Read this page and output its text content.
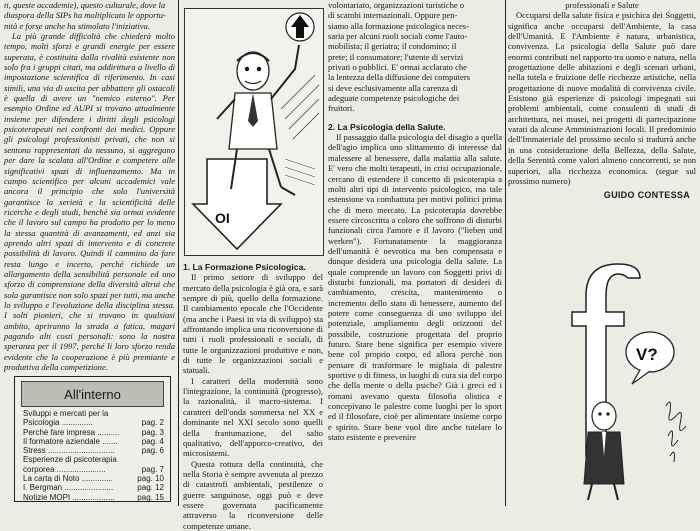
ti, queste accademie), questo culturale, dove la
diaspora della SIPs ha moltiplicato le opportu-
nità e forse anche ha stimolato l'iniziativa.

La più grande difficoltà che chiederà molto tempo, molti sforzi e grandi energie per essere superata, è costituita dalla rivalità esistente non solo fra i gruppi citati, ma addirittura a livello di impostazione scientifica di riferimento. In casi simili, una via di uscita per abbattere gli ostacoli è quella di avere un "nemico esterno". Per esempio Ordine ed AUPI si trovano attualmente insieme per difendere i diritti degli psicologi psicoterapeuti nei confronti dei medici. Oppure gli psicologi professionisti privati, che non si sentono rappresentati da nessuno, si aggregano per dare la scalata all'Ordine e competere alle significativi spazi di influenzamento. Ma in campo scientifico per alcuni accademici vale ancora il principio che solo l'università garantisce la serietà e la scientificità delle ricerche e degli studi, benchè sia ormai evidente che il lavoro sul campo ha prodotto per lo meno la stessa quantità di avanzamenti, ed anzi sia aprendo altri spazi di intervento e di concrete possibilità di lavoro. Quindi il cammino da fare resta lungo e incerto, perché richiede un allargamento della sensibilità personale ed uno sforzo di comprensione della diversità altrui che sola garantisce non solo spazi per tutti, ma anche lo sviluppo e l'evoluzione della disciplina stessa. I solti pionieri, che si trovano in qualsiasi ambito, apriranno la strada a fatica, magari pagando alti costi personali: sono la nostra speranza per il 1997, perché li loro sforzo renda evidente che la cooperazione è più premiante e produttiva della competizione.

All'interno
Sviluppi e mercati per la Psicologia ..............	pag. 2
Perchè fare impresa ..........	pag. 3
Il formatore aziendale .......	pag. 4
Stress ..............................	pag. 6
Esperienze di psicoterapia corporea ......................	pag. 7
La carta di Noto ..............	pag. 10
I. Bergman ......................	pag. 12
Notizie MOPI ...................	pag. 15
OI

1. La Formazione Psicologica.

Il primo settore di sviluppo del mercato della psicologia è già ora, e sarà sempre di più, quello della formazione. Il cambiamento epocale che l'Occidente (ma anche i Paesi in via di sviluppo) sta affrontando implica una riconversione di tutti i ruoli professionali e sociali, di tutte le organizzazioni produttive e non, di tutte le organizzazioni sociali e statuali.

I caratteri della modernità sono l'integrazione, la continuità (progresso), la razionalità, il macro-sistema. I caratteri dell'onda sommersa nel XX e dominante nel XXI secolo sono quelli della frantumazione, del salto qualitativo, dell'apporco-creativo, dei microsistemi.

Questa rottura della continuità, che nella Storia è sempre avvenuta al prezzo di catastrofi ambientali, pestilenze o guerre sanguinose, oggi può e deve essere governata pacificamente attraverso la riconversione delle competenze umane.

volontariato, organizzazioni turistiche o
di scambi internazionali. Oppure pen-
siamo alla formazione psicologica neces-
saria per alcuni ruoli sociali come l'auto-
mobilista; il geriatra; il condomino; il
prete; il consumatore; l'utente di servizi
privati o pubblici. E' ormai acclarato che
la lentezza della diffusione dei computers
si deve esclusivamente alla carenza di
adeguate competenze psicologiche dei
fruitori.

2. La Psicologia della Salute.

Il passaggio dalla psicologia del disagio a quella dell'agio implica uno slittamento di interesse dal malessere al benessere, dalla malattia alla salute. E' vero che molti terapeuti, in crisi occupazionale, cercano di estendere il concetto di psicoterapia a molti altri tipi di intervento psicologico, ma tale estensione va combattuta per motivi politici prima che di mero mercato. La psicoterapia dovrebbe essere circoscritta a coloro che soffrono di disturbi funzionali circa l'amore e il lavoro ("lieben und werken"). Fortunatamente la maggioranza dell'umanità è nevrotica ma ben compensata e dunque desidera una psicologia della salute. La quale comprende un lavoro con Soggetti privi di disturbi funzionali, ma portatori di desideri di cambiamento, crescita, mantenimento o incremento dello stato di benessere, aumento del potere come conseguenza di uno sviluppo del potenziale, ampliamento degli orizzonti del possibile, costruzione progettata del proprio futuro. Stare bene significa per esempio vivere bene col proprio corpo, ed allora perchè non pensare di trasformare le migliaia di palestre sportive o di fitness, in luoghi di cura sia del corpo che della mente o della psiche? Già i greci ed i romani avevano questa filosofia olistica e concepivano le palestre come luoghi per lo sport ed il filosofare, cioè per alimentare insieme corpo e spirito. Stare bene vuol dire anche tutelare lo stato esistente e prevenire

professionali e Salute

Occuparsi della salute fisica e psichica dei Soggetti, significa anche occuparsi dell'Ambiente, la casa dell'Umanità. E l'Ambiente è natura, urbanistica, convivenza. La psicologia della Salute può dare enormi contributi nel rapporto tra uomo e natura, nella progettazione delle abitazioni e degli scenari urbani, nella tutela e fruizione delle ricchezze artistiche, nella progettazione di nuove modalità di convivenza civile. Esistono già esperienze di psicologi impegnati sui problemi ambientali, come consulenti di studi di architettura, nei musei, nei progetti di partecipazione varati da alcune Amministrazioni locali. Il predominio dell'Immateriale del prossimo secolo si tradurrà anche in una considerazione della Bellezza, della Salute, della Serenità come valori almeno concorrenti, se non superiori, alla ricchezza economica. (segue sul prossimo numero)

GUIDO CONTESSA
V?
